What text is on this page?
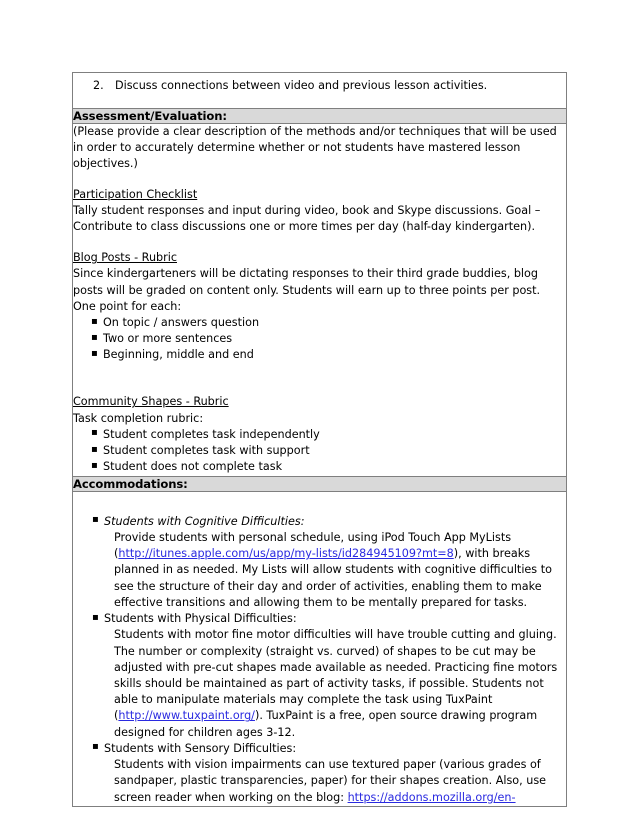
2.	Discuss connections between video and previous lesson activities.

Assessment/Evaluation:

(Please provide a clear description of the methods and/or techniques that will be used in order to accurately determine whether or not students have mastered lesson objectives.)

Participation Checklist

Tally student responses and input during video, book and Skype discussions. Goal – Contribute to class discussions one or more times per day (half-day kindergarten).

Blog Posts - Rubric

Since kindergarteners will be dictating responses to their third grade buddies, blog posts will be graded on content only. Students will earn up to three points per post. One point for each:

▪ On topic / answers question
▪ Two or more sentences
▪ Beginning, middle and end

Community Shapes - Rubric

Task completion rubric:

▪ Student completes task independently
▪ Student completes task with support
▪ Student does not complete task

Accommodations:

▪ Students with Cognitive Difficulties:
Provide students with personal schedule, using iPod Touch App MyLists (http://itunes.apple.com/us/app/my-lists/id284945109?mt=8), with breaks planned in as needed. My Lists will allow students with cognitive difficulties to see the structure of their day and order of activities, enabling them to make effective transitions and allowing them to be mentally prepared for tasks.
▪ Students with Physical Difficulties:
Students with motor fine motor difficulties will have trouble cutting and gluing. The number or complexity (straight vs. curved) of shapes to be cut may be adjusted with pre-cut shapes made available as needed. Practicing fine motors skills should be maintained as part of activity tasks, if possible. Students not able to manipulate materials may complete the task using TuxPaint (http://www.tuxpaint.org/). TuxPaint is a free, open source drawing program designed for children ages 3-12.
▪ Students with Sensory Difficulties:
Students with vision impairments can use textured paper (various grades of sandpaper, plastic transparencies, paper) for their shapes creation. Also, use screen reader when working on the blog: https://addons.mozilla.org/en-
